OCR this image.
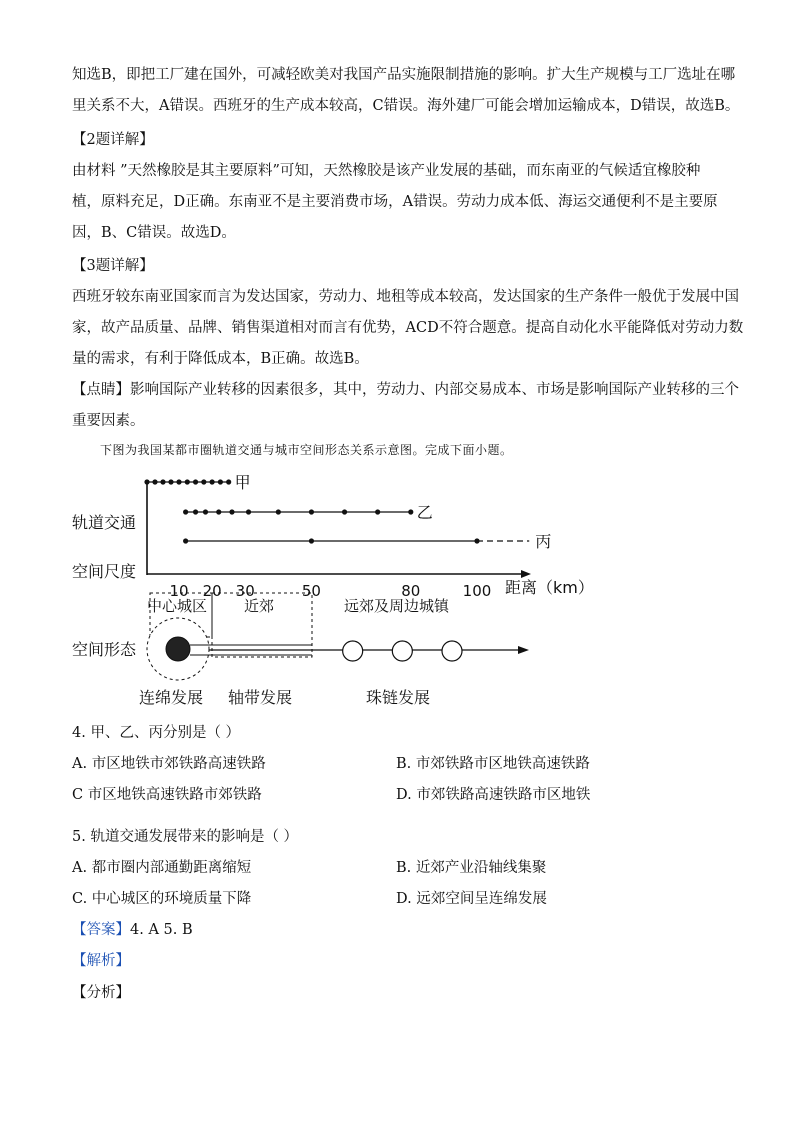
知选B，即把工厂建在国外，可减轻欧美对我国产品实施限制措施的影响。扩大生产规模与工厂选址在哪

里关系不大，A错误。西班牙的生产成本较高，C错误。海外建厂可能会增加运输成本，D错误，故选B。

【2题详解】

由材料 ”天然橡胶是其主要原料”可知，天然橡胶是该产业发展的基础，而东南亚的气候适宜橡胶种

植，原料充足，D正确。东南亚不是主要消费市场，A错误。劳动力成本低、海运交通便利不是主要原

因，B、C错误。故选D。

【3题详解】

西班牙较东南亚国家而言为发达国家，劳动力、地租等成本较高，发达国家的生产条件一般优于发展中国

家，故产品质量、品牌、销售渠道相对而言有优势，ACD不符合题意。提高自动化水平能降低对劳动力数

量的需求，有利于降低成本，B正确。故选B。

【点睛】影响国际产业转移的因素很多，其中，劳动力、内部交易成本、市场是影响国际产业转移的三个

重要因素。

下图为我国某都市圈轨道交通与城市空间形态关系示意图。完成下面小题。
甲
乙
丙
10 20 30	50	80	100
轨道交通
空间尺度
空间形态
距离（km）
中心城区 近郊	远郊及周边城镇
连绵发展 轴带发展	珠链发展
4. 甲、乙、丙分别是（ ）
A. 市区地铁市郊铁路高速铁路	B. 市郊铁路市区地铁高速铁路
C 市区地铁高速铁路市郊铁路	D. 市郊铁路高速铁路市区地铁
5. 轨道交通发展带来的影响是（ ）
A. 都市圈内部通勤距离缩短	B. 近郊产业沿轴线集聚
C. 中心城区的环境质量下降	D. 远郊空间呈连绵发展
【答案】4. A 5. B
【解析】
【分析】
